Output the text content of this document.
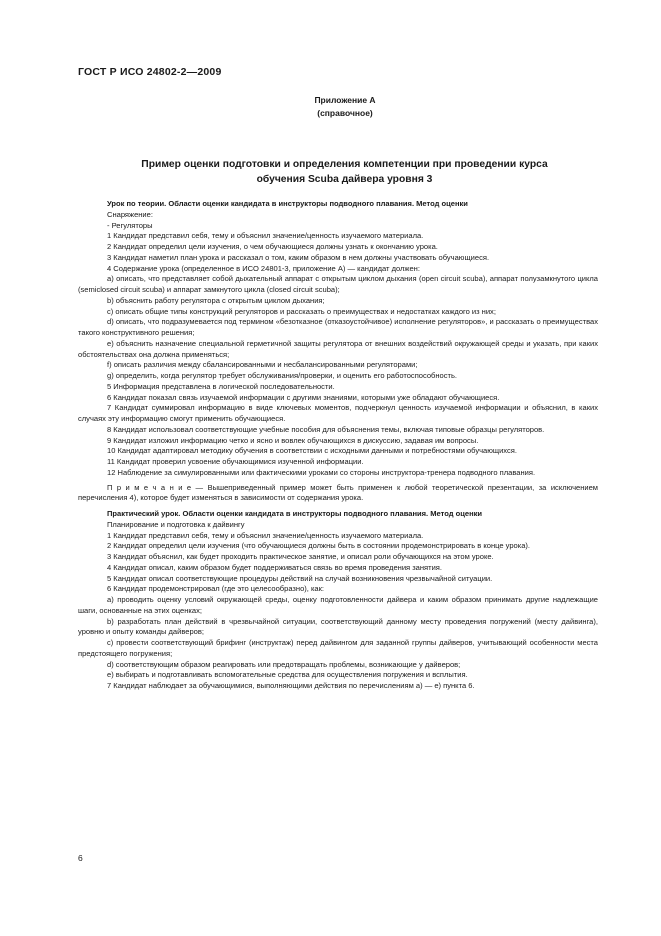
ГОСТ Р ИСО 24802-2—2009
Приложение А
(справочное)
Пример оценки подготовки и определения компетенции при проведении курса
обучения Scuba дайвера уровня 3

Урок по теории. Области оценки кандидата в инструкторы подводного плавания. Метод оценки

Снаряжение:

- Регуляторы

1 Кандидат представил себя, тему и объяснил значение/ценность изучаемого материала.

2 Кандидат определил цели изучения, о чем обучающиеся должны узнать к окончанию урока.

3 Кандидат наметил план урока и рассказал о том, каким образом в нем должны участвовать обучающиеся.

4 Содержание урока (определенное в ИСО 24801-3, приложение А) — кандидат должен:

a) описать, что представляет собой дыхательный аппарат с открытым циклом дыхания (open circuit scuba), аппарат полузамкнутого цикла (semiclosed circuit scuba) и аппарат замкнутого цикла (closed circuit scuba);

b) объяснить работу регулятора с открытым циклом дыхания;

c) описать общие типы конструкций регуляторов и рассказать о преимуществах и недостатках каждого из них;

d) описать, что подразумевается под термином «безотказное (отказоустойчивое) исполнение регуляторов», и рассказать о преимуществах такого конструктивного решения;

e) объяснить назначение специальной герметичной защиты регулятора от внешних воздействий окружающей среды и указать, при каких обстоятельствах она должна применяться;

f) описать различия между сбалансированными и несбалансированными регуляторами;

g) определить, когда регулятор требует обслуживания/проверки, и оценить его работоспособность.

5 Информация представлена в логической последовательности.

6 Кандидат показал связь изучаемой информации с другими знаниями, которыми уже обладают обучающиеся.

7 Кандидат суммировал информацию в виде ключевых моментов, подчеркнул ценность изучаемой информации и объяснил, в каких случаях эту информацию смогут применить обучающиеся.

8 Кандидат использовал соответствующие учебные пособия для объяснения темы, включая типовые образцы регуляторов.

9 Кандидат изложил информацию четко и ясно и вовлек обучающихся в дискуссию, задавая им вопросы.

10 Кандидат адаптировал методику обучения в соответствии с исходными данными и потребностями обучающихся.

11 Кандидат проверил усвоение обучающимися изученной информации.

12 Наблюдение за симулированными или фактическими уроками со стороны инструктора-тренера подводного плавания.

П р и м е ч а н и е — Вышеприведенный пример может быть применен к любой теоретической презентации, за исключением перечисления 4), которое будет изменяться в зависимости от содержания урока.

Практический урок. Области оценки кандидата в инструкторы подводного плавания. Метод оценки

Планирование и подготовка к дайвингу

1 Кандидат представил себя, тему и объяснил значение/ценность изучаемого материала.

2 Кандидат определил цели изучения (что обучающиеся должны быть в состоянии продемонстрировать в конце урока).

3 Кандидат объяснил, как будет проходить практическое занятие, и описал роли обучающихся на этом уроке.

4 Кандидат описал, каким образом будет поддерживаться связь во время проведения занятия.

5 Кандидат описал соответствующие процедуры действий на случай возникновения чрезвычайной ситуации.

6 Кандидат продемонстрировал (где это целесообразно), как:

a) проводить оценку условий окружающей среды, оценку подготовленности дайвера и каким образом принимать другие надлежащие шаги, основанные на этих оценках;

b) разработать план действий в чрезвычайной ситуации, соответствующий данному месту проведения погружений (месту дайвинга), уровню и опыту команды дайверов;

c) провести соответствующий брифинг (инструктаж) перед дайвингом для заданной группы дайверов, учитывающий особенности места предстоящего погружения;

d) соответствующим образом реагировать или предотвращать проблемы, возникающие у дайверов;

e) выбирать и подготавливать вспомогательные средства для осуществления погружения и всплытия.

7 Кандидат наблюдает за обучающимися, выполняющими действия по перечислениям a) — e) пункта 6.

6
